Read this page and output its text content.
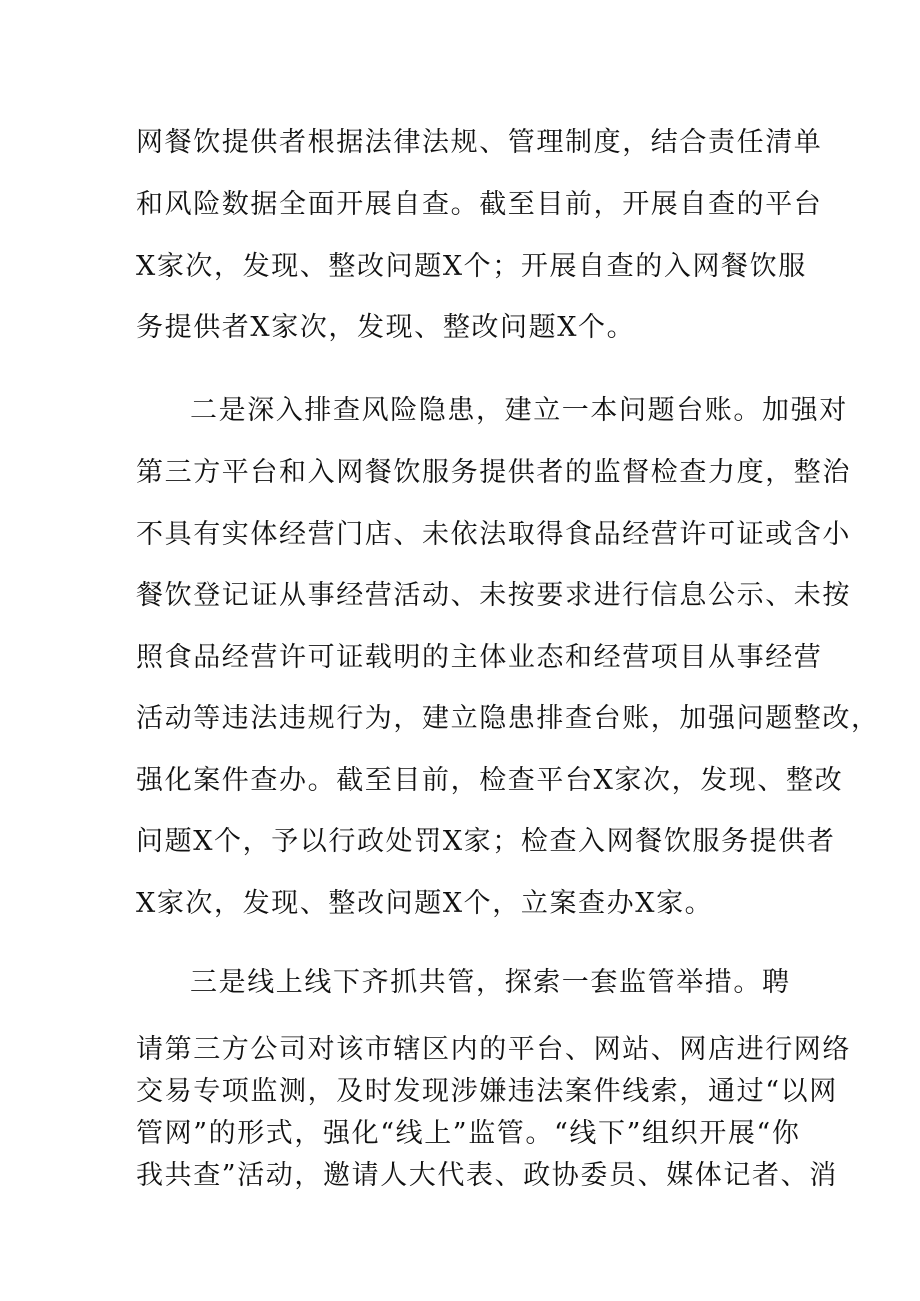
网餐饮提供者根据法律法规、管理制度，结合责任清单

和风险数据全面开展自查。截至目前，开展自查的平台

X家次，发现、整改问题X个；开展自查的入网餐饮服

务提供者X家次，发现、整改问题X个。

二是深入排查风险隐患，建立一本问题台账。加强对

第三方平台和入网餐饮服务提供者的监督检查力度，整治

不具有实体经营门店、未依法取得食品经营许可证或含小

餐饮登记证从事经营活动、未按要求进行信息公示、未按

照食品经营许可证载明的主体业态和经营项目从事经营

活动等违法违规行为，建立隐患排查台账，加强问题整改，

强化案件查办。截至目前，检查平台X家次，发现、整改

问题X个，予以行政处罚X家；检查入网餐饮服务提供者

X家次，发现、整改问题X个，立案查办X家。

三是线上线下齐抓共管，探索一套监管举措。聘

请第三方公司对该市辖区内的平台、网站、网店进行网络

交易专项监测，及时发现涉嫌违法案件线索，通过“以网

管网”的形式，强化“线上”监管。“线下”组织开展“你

我共查”活动，邀请人大代表、政协委员、媒体记者、消
